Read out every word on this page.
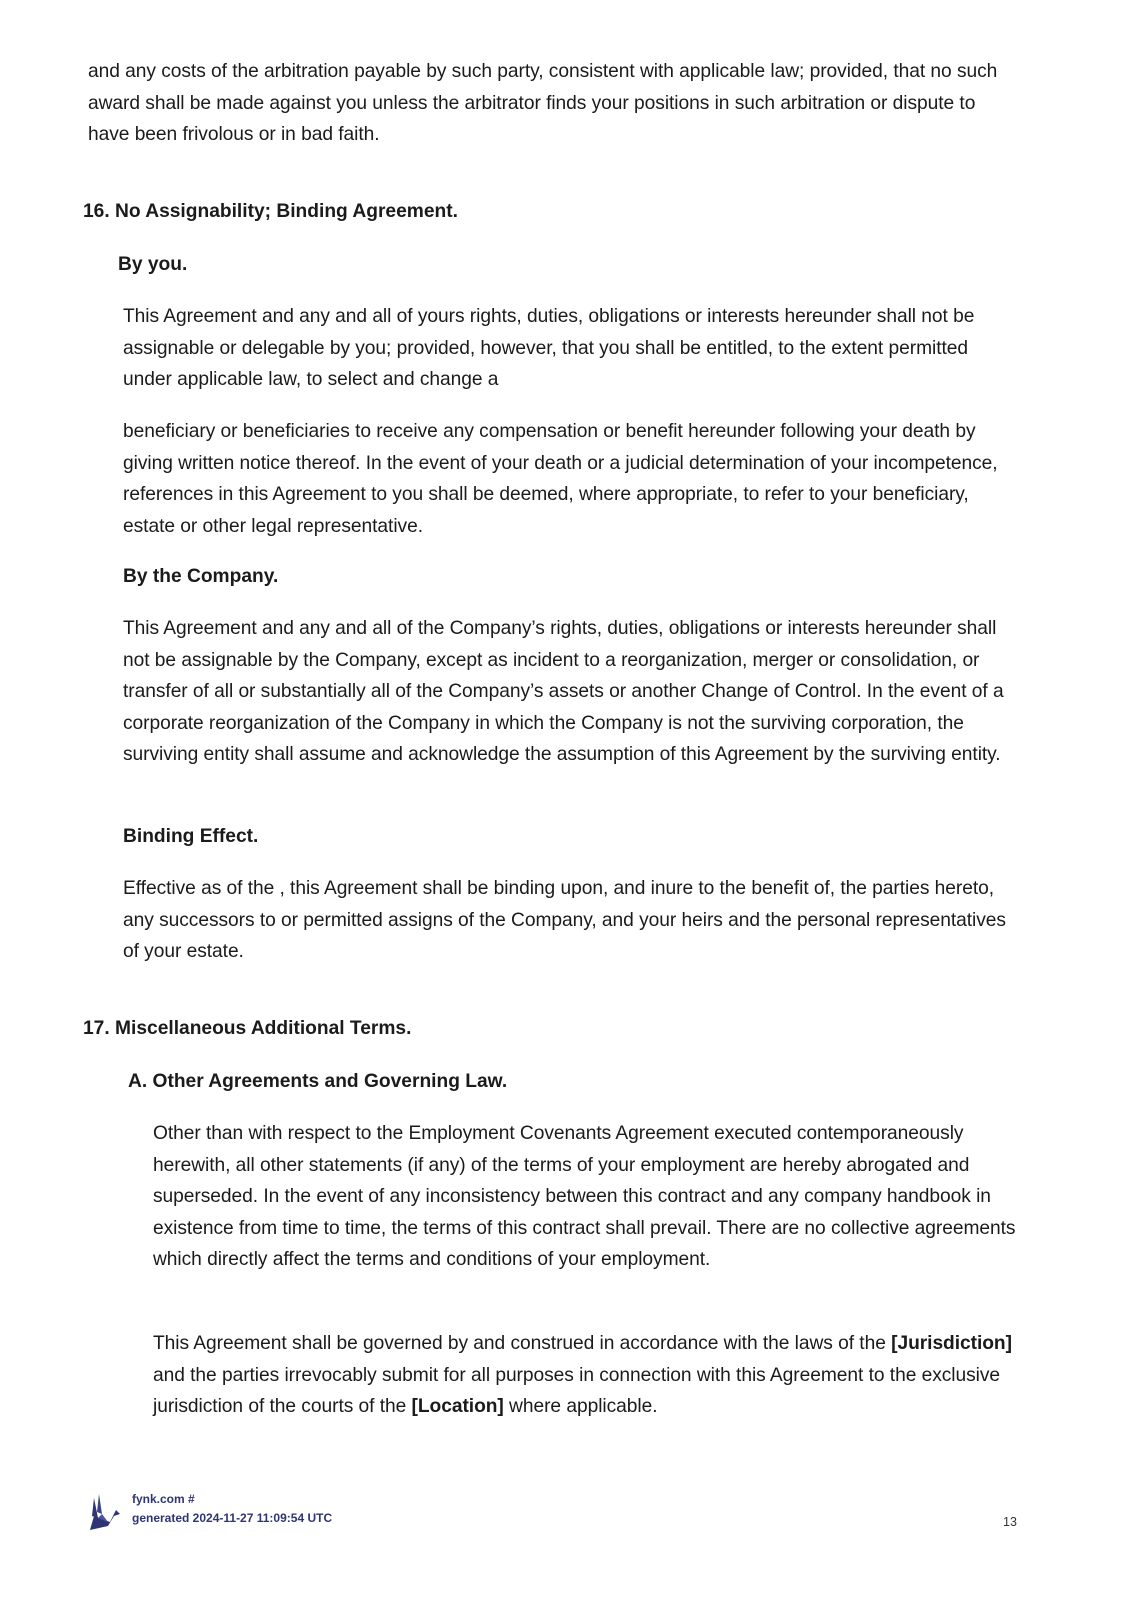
and any costs of the arbitration payable by such party, consistent with applicable law; provided, that no such award shall be made against you unless the arbitrator finds your positions in such arbitration or dispute to have been frivolous or in bad faith.

16. No Assignability; Binding Agreement.
By you.

This Agreement and any and all of yours rights, duties, obligations or interests hereunder shall not be assignable or delegable by you; provided, however, that you shall be entitled, to the extent permitted under applicable law, to select and change a

beneficiary or beneficiaries to receive any compensation or benefit hereunder following your death by giving written notice thereof. In the event of your death or a judicial determination of your incompetence, references in this Agreement to you shall be deemed, where appropriate, to refer to your beneficiary, estate or other legal representative.

By the Company.

This Agreement and any and all of the Company’s rights, duties, obligations or interests hereunder shall not be assignable by the Company, except as incident to a reorganization, merger or consolidation, or transfer of all or substantially all of the Company’s assets or another Change of Control. In the event of a corporate reorganization of the Company in which the Company is not the surviving corporation, the surviving entity shall assume and acknowledge the assumption of this Agreement by the surviving entity.

Binding Effect.

Effective as of the , this Agreement shall be binding upon, and inure to the benefit of, the parties hereto, any successors to or permitted assigns of the Company, and your heirs and the personal representatives of your estate.

17. Miscellaneous Additional Terms.
A. Other Agreements and Governing Law.

Other than with respect to the Employment Covenants Agreement executed contemporaneously herewith, all other statements (if any) of the terms of your employment are hereby abrogated and superseded. In the event of any inconsistency between this contract and any company handbook in existence from time to time, the terms of this contract shall prevail. There are no collective agreements which directly affect the terms and conditions of your employment.

This Agreement shall be governed by and construed in accordance with the laws of the [Jurisdiction] and the parties irrevocably submit for all purposes in connection with this Agreement to the exclusive jurisdiction of the courts of the [Location] where applicable.

fynk.com #
generated 2024-11-27 11:09:54 UTC	13
